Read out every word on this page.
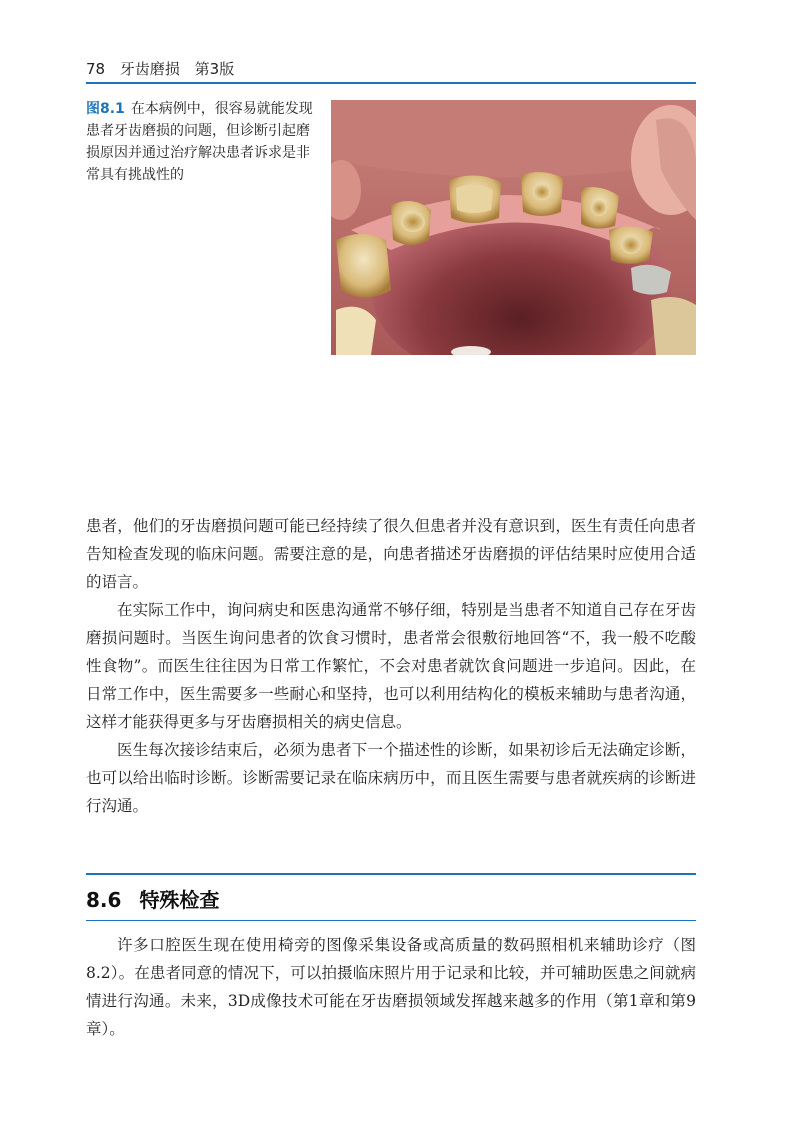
78 牙齿磨损 第3版
图8.1 在本病例中，很容易就能发现患者牙齿磨损的问题，但诊断引起磨损原因并通过治疗解决患者诉求是非常具有挑战性的

患者，他们的牙齿磨损问题可能已经持续了很久但患者并没有意识到，医生有责任向患者告知检查发现的临床问题。需要注意的是，向患者描述牙齿磨损的评估结果时应使用合适的语言。

在实际工作中，询问病史和医患沟通常不够仔细，特别是当患者不知道自己存在牙齿磨损问题时。当医生询问患者的饮食习惯时，患者常会很敷衍地回答“不，我一般不吃酸性食物”。而医生往往因为日常工作繁忙，不会对患者就饮食问题进一步追问。因此，在日常工作中，医生需要多一些耐心和坚持，也可以利用结构化的模板来辅助与患者沟通，这样才能获得更多与牙齿磨损相关的病史信息。

医生每次接诊结束后，必须为患者下一个描述性的诊断，如果初诊后无法确定诊断，也可以给出临时诊断。诊断需要记录在临床病历中，而且医生需要与患者就疾病的诊断进行沟通。

8.6 特殊检查

许多口腔医生现在使用椅旁的图像采集设备或高质量的数码照相机来辅助诊疗（图8.2）。在患者同意的情况下，可以拍摄临床照片用于记录和比较，并可辅助医患之间就病情进行沟通。未来，3D成像技术可能在牙齿磨损领域发挥越来越多的作用（第1章和第9章）。
